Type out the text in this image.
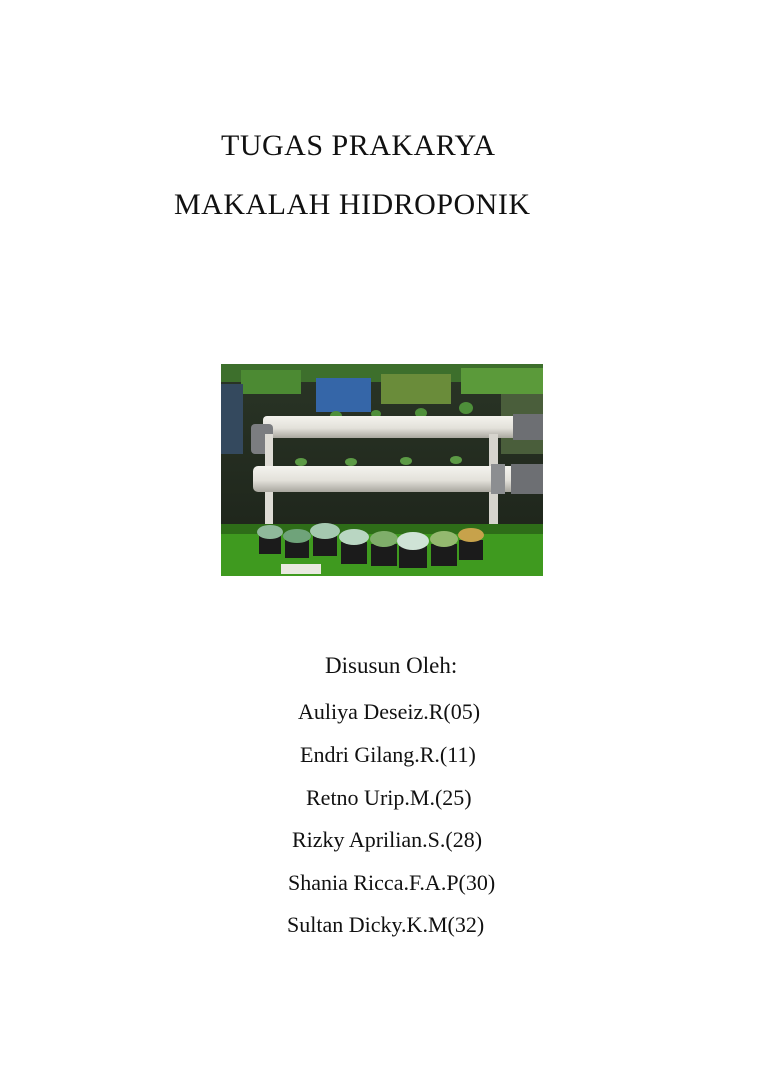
TUGAS PRAKARYA
MAKALAH HIDROPONIK
Disusun Oleh:
Auliya Deseiz.R(05)
Endri Gilang.R.(11)
Retno Urip.M.(25)
Rizky Aprilian.S.(28)
Shania Ricca.F.A.P(30)
Sultan Dicky.K.M(32)
